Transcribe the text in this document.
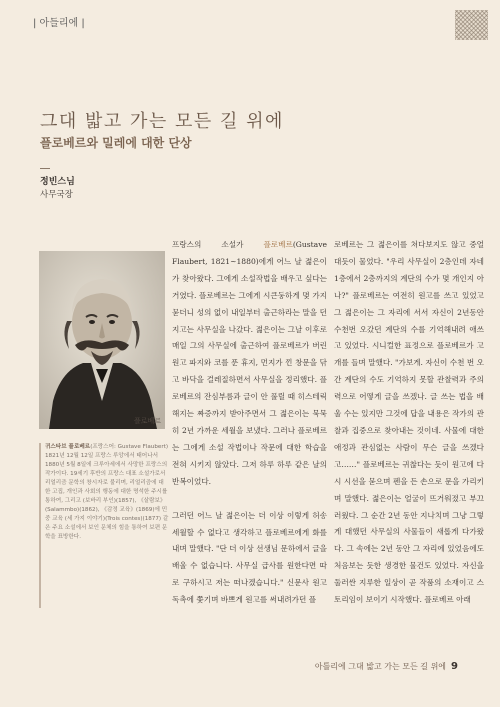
| 아들리에 |
그대 밟고 가는 모든 길 위에
플로베르와 밀레에 대한 단상
정빈스님
사무국장
플로베르
귀스타브 플로베르(프랑스어: Gustave Flaubert) 1821년 12월 12일 프랑스 루앙에서 태어나서 1880년 5월 8일에 크루아세에서 사망한 프랑스의 작가이다. 19세기 후반의 프랑스 대표 소설가로서 리얼리즘 문학의 창시자로 불리며, 리얼리즘에 대한 고집, 개인과 사회의 행동에 대한 명석한 주시를 통하여, 그리고 (보바리 부인)(1857), 《살람보》(Salammbo)(1862), 《감정 교육》(1869)에 민중 교육 (세 가지 이야기)(Trois contes)(1877) 같은 주요 소설에서 보인 문체의 힘을 통하여 보편 문학을 표방한다.

프랑스의 소설가 플로베르(Gustave Flaubert, 1821~1880)에게 어느 날 젊은이가 찾아왔다. 그에게 소설작법을 배우고 싶다는 거였다. 플로베르는 그에게 시큰둥하게 몇 가지 묻더니 성의 없이 내일부터 출근하라는 말을 던지고는 사무실을 나갔다. 젊은이는 그날 이후로 매일 그의 사무실에 출근하여 플로베르가 버린 원고 파지와 코를 푼 휴지, 먼지가 낀 창문을 닦고 바닥을 걸레질하면서 사무실을 정리했다. 플로베르의 잔심부름과 글이 안 풀릴 때 히스테릭해지는 짜증까지 받아주면서 그 젊은이는 묵묵히 2년 가까운 세월을 보냈다. 그러나 플로베르는 그에게 소설 작법이나 작문에 대한 학습을 전혀 시키지 않았다. 그저 하루 하루 같은 날의 반복이었다.

그러던 어느 날 젊은이는 더 이상 이렇게 허송세월할 수 없다고 생각하고 플로베르에게 화를 내며 말했다. "단 더 이상 선생님 문하에서 글을 배울 수 없습니다. 사무실 급사를 원한다면 따로 구하시고 저는 떠나겠습니다." 신문사 원고 독촉에 쫓기며 바쁘게 원고를 써내려가던 플

로베르는 그 젊은이를 쳐다보지도 않고 중얼대듯이 물었다. "우리 사무실이 2층인데 자네 1층에서 2층까지의 계단의 수가 몇 개인지 아나?" 플로베르는 여전히 원고를 쓰고 있었고 그 젊은이는 그 자리에 서서 자신이 2년동안 수천번 오갔던 계단의 수를 기억해내려 애쓰고 있었다. 시니컬한 표정으로 플로베르가 고개를 들며 말했다. "가보게. 자신이 수천 번 오간 계단의 수도 기억하지 못할 관찰력과 주의력으로 어떻게 글을 쓰겠나. 글 쓰는 법을 배울 수는 있지만 그것에 답을 내용은 작가의 관찰과 집중으로 찾아내는 것이네. 사물에 대한 애정과 관심없는 사람이 무슨 글을 쓰겠다고……" 플로베르는 귀찮다는 듯이 원고에 다시 시선을 묻으며 펜을 든 손으로 문을 가리키며 말했다. 젊은이는 얼굴이 뜨거워졌고 부끄러웠다. 그 순간 2년 동안 지나치며 그냥 그렇게 대했던 사무실의 사물들이 새롭게 다가왔다. 그 속에는 2년 동안 그 자리에 있었음에도 처음보는 듯한 생경한 물건도 있었다. 자신을 둘러싼 지루한 일상이 곧 작품의 소재이고 스토리임이 보이기 시작했다. 플로베르 아래

아틀리에 그대 밟고 가는 모든 길 위에 9
